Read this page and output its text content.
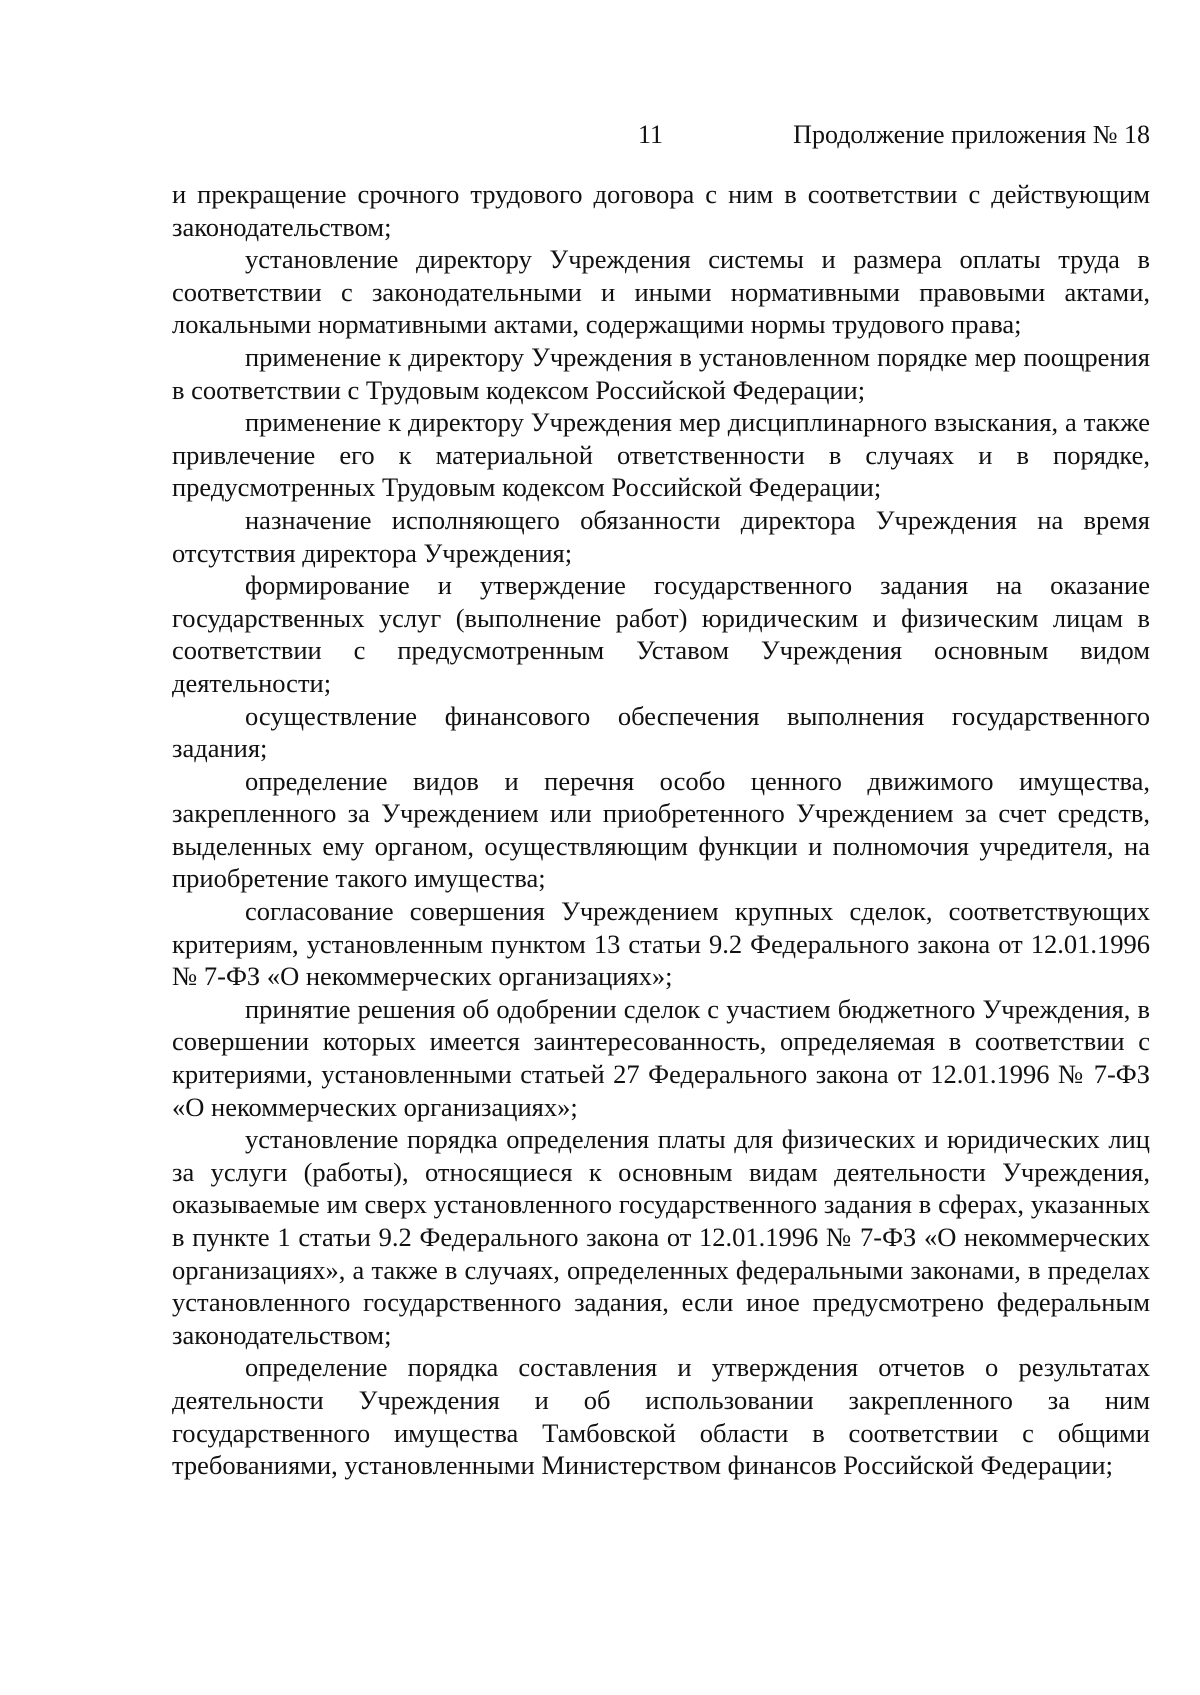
11	Продолжение приложения № 18

и прекращение срочного трудового договора с ним в соответствии с действующим законодательством;

установление директору Учреждения системы и размера оплаты труда в соответствии с законодательными и иными нормативными правовыми актами, локальными нормативными актами, содержащими нормы трудового права;

применение к директору Учреждения в установленном порядке мер поощрения в соответствии с Трудовым кодексом Российской Федерации;

применение к директору Учреждения мер дисциплинарного взыскания, а также привлечение его к материальной ответственности в случаях и в порядке, предусмотренных Трудовым кодексом Российской Федерации;

назначение исполняющего обязанности директора Учреждения на время отсутствия директора Учреждения;

формирование и утверждение государственного задания на оказание государственных услуг (выполнение работ) юридическим и физическим лицам в соответствии с предусмотренным Уставом Учреждения основным видом деятельности;

осуществление финансового обеспечения выполнения государственного задания;

определение видов и перечня особо ценного движимого имущества, закрепленного за Учреждением или приобретенного Учреждением за счет средств, выделенных ему органом, осуществляющим функции и полномочия учредителя, на приобретение такого имущества;

согласование совершения Учреждением крупных сделок, соответствующих критериям, установленным пунктом 13 статьи 9.2 Федерального закона от 12.01.1996 № 7-ФЗ «О некоммерческих организациях»;

принятие решения об одобрении сделок с участием бюджетного Учреждения, в совершении которых имеется заинтересованность, определяемая в соответствии с критериями, установленными статьей 27 Федерального закона от 12.01.1996 № 7-ФЗ «О некоммерческих организациях»;

установление порядка определения платы для физических и юридических лиц за услуги (работы), относящиеся к основным видам деятельности Учреждения, оказываемые им сверх установленного государственного задания в сферах, указанных в пункте 1 статьи 9.2 Федерального закона от 12.01.1996 № 7-ФЗ «О некоммерческих организациях», а также в случаях, определенных федеральными законами, в пределах установленного государственного задания, если иное предусмотрено федеральным законодательством;

определение порядка составления и утверждения отчетов о результатах деятельности Учреждения и об использовании закрепленного за ним государственного имущества Тамбовской области в соответствии с общими требованиями, установленными Министерством финансов Российской Федерации;
